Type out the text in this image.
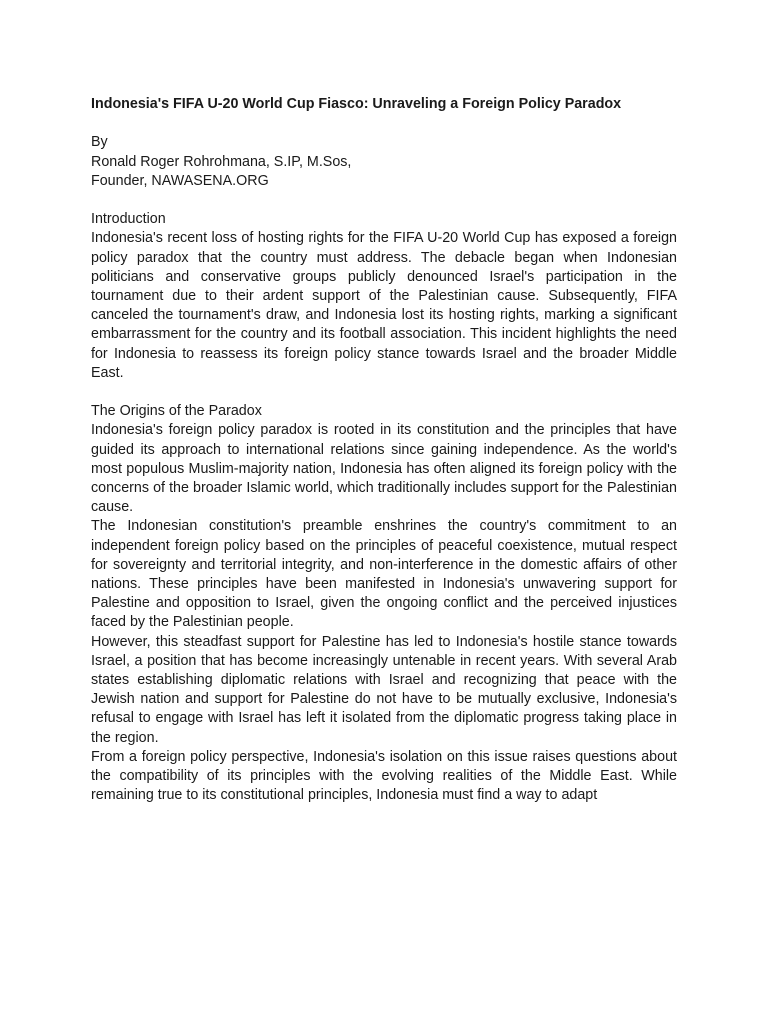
Indonesia's FIFA U-20 World Cup Fiasco: Unraveling a Foreign Policy Paradox

By
Ronald Roger Rohrohmana, S.IP, M.Sos,
Founder, NAWASENA.ORG

Introduction

Indonesia's recent loss of hosting rights for the FIFA U-20 World Cup has exposed a foreign policy paradox that the country must address. The debacle began when Indonesian politicians and conservative groups publicly denounced Israel's participation in the tournament due to their ardent support of the Palestinian cause. Subsequently, FIFA canceled the tournament's draw, and Indonesia lost its hosting rights, marking a significant embarrassment for the country and its football association. This incident highlights the need for Indonesia to reassess its foreign policy stance towards Israel and the broader Middle East.

The Origins of the Paradox

Indonesia's foreign policy paradox is rooted in its constitution and the principles that have guided its approach to international relations since gaining independence. As the world's most populous Muslim-majority nation, Indonesia has often aligned its foreign policy with the concerns of the broader Islamic world, which traditionally includes support for the Palestinian cause.

The Indonesian constitution's preamble enshrines the country's commitment to an independent foreign policy based on the principles of peaceful coexistence, mutual respect for sovereignty and territorial integrity, and non-interference in the domestic affairs of other nations. These principles have been manifested in Indonesia's unwavering support for Palestine and opposition to Israel, given the ongoing conflict and the perceived injustices faced by the Palestinian people.

However, this steadfast support for Palestine has led to Indonesia's hostile stance towards Israel, a position that has become increasingly untenable in recent years. With several Arab states establishing diplomatic relations with Israel and recognizing that peace with the Jewish nation and support for Palestine do not have to be mutually exclusive, Indonesia's refusal to engage with Israel has left it isolated from the diplomatic progress taking place in the region.

From a foreign policy perspective, Indonesia's isolation on this issue raises questions about the compatibility of its principles with the evolving realities of the Middle East. While remaining true to its constitutional principles, Indonesia must find a way to adapt
